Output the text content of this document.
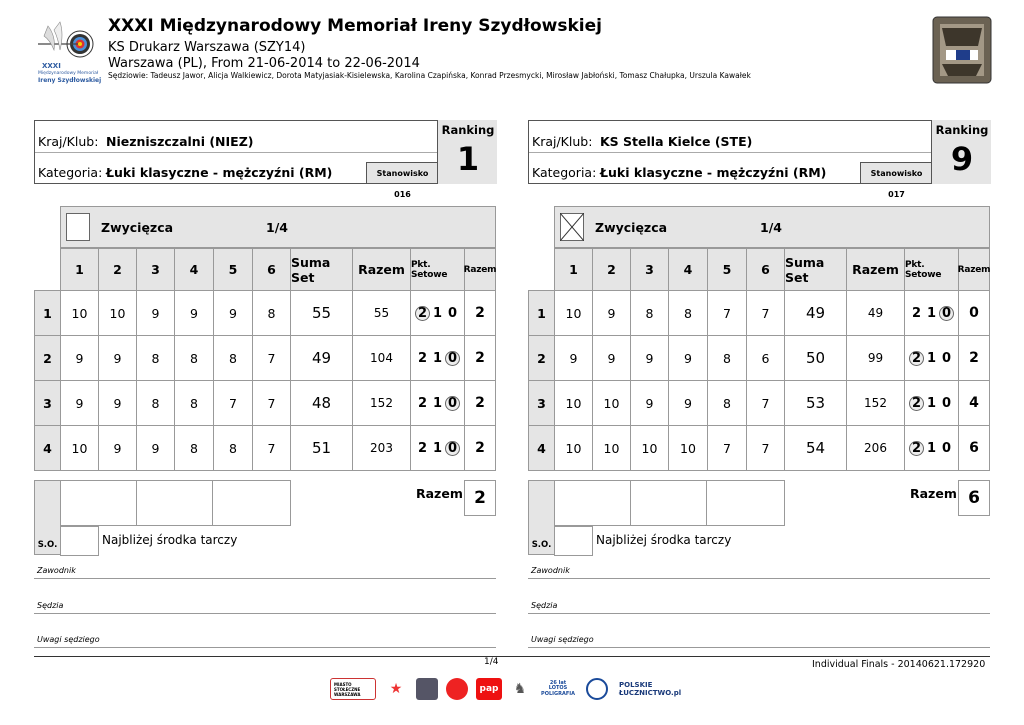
XXXI
Międzynarodowy Memoriał
Ireny Szydłowskiej
XXXI Międzynarodowy Memoriał Ireny Szydłowskiej
KS Drukarz Warszawa (SZY14)
Warszawa (PL), From 21-06-2014 to 22-06-2014
Sędziowie: Tadeusz Jawor, Alicja Walkiewicz, Dorota Matyjasiak-Kisielewska, Karolina Czapińska, Konrad Przesmycki, Mirosław Jabłoński, Tomasz Chałupka, Urszula Kawałek
Kraj/Klub: Niezniszczalni (NIEZ)
Kategoria: Łuki klasyczne - mężczyźni (RM)	Stanowisko 016
Ranking
1
Zwycięzca	1/4
1	2	3	4	5	6	Suma Set	Razem Pkt. Setowe	Razem
1	10	10	9	9	9	8	55	55	2 1 0	2
2	9	9	8	8	8	7	49	104	2 1 0	2
3	9	9	8	8	7	7	48	152	2 1 0	2
4	10	9	9	8	8	7	51	203	2 1 0	2
S.O.
Razem 2
Najbliżej środka tarczy
Zawodnik
Sędzia
Uwagi sędziego
Kraj/Klub: KS Stella Kielce (STE)
Kategoria: Łuki klasyczne - mężczyźni (RM)	Stanowisko 017
Ranking
9
Zwycięzca	1/4
1	2	3	4	5	6	Suma Set	Razem Pkt. Setowe	Razem
1	10	9	8	8	7	7	49	49	2 1 0	0
2	9	9	9	9	8	6	50	99	2 1 0	2
3	10	10	9	9	8	7	53	152	2 1 0	4
4	10	10	10	10	7	7	54	206	2 1 0	6
S.O.
Razem 6
Najbliżej środka tarczy
Zawodnik
Sędzia
Uwagi sędziego
1/4	Individual Finals - 20140621.172920
MIASTO STOŁECZNE WARSZAWA	★	pap ♞	26 lat LOTOS POLIGRAFIA
POLSKIE ŁUCZNICTWO.pl
